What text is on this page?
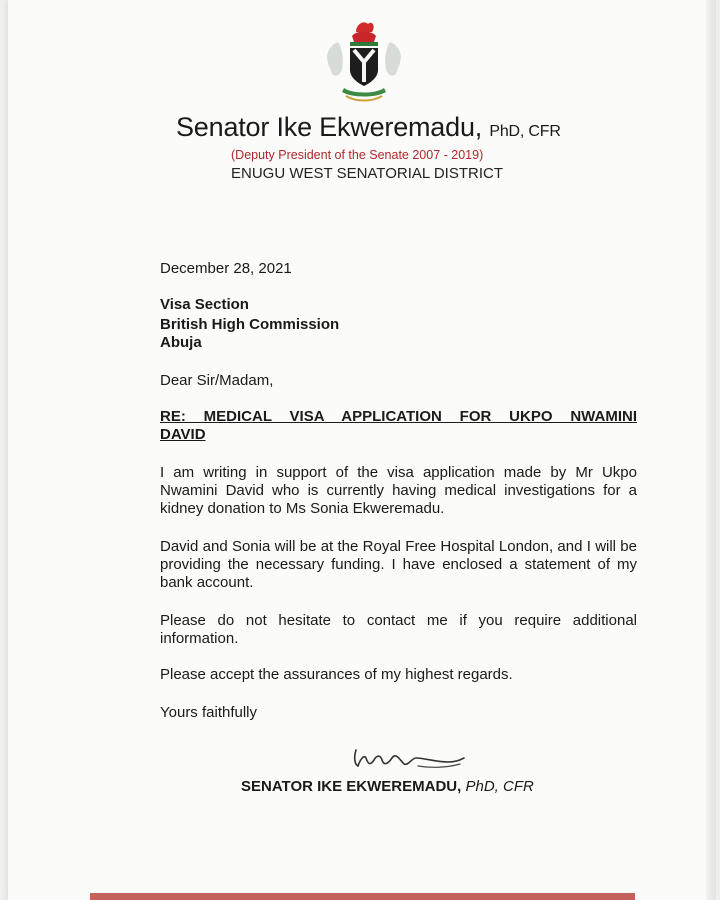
Senator Ike Ekweremadu, PhD, CFR
(Deputy President of the Senate 2007 - 2019)
ENUGU WEST SENATORIAL DISTRICT
December 28, 2021
Visa Section
British High Commission
Abuja
Dear Sir/Madam,
RE: MEDICAL VISA APPLICATION FOR UKPO NWAMINI
DAVID
I am writing in support of the visa application made by Mr Ukpo Nwamini David who is currently having medical investigations for a kidney donation to Ms Sonia Ekweremadu.
David and Sonia will be at the Royal Free Hospital London, and I will be providing the necessary funding. I have enclosed a statement of my bank account.
Please do not hesitate to contact me if you require additional information.
Please accept the assurances of my highest regards.
Yours faithfully
SENATOR IKE EKWEREMADU, PhD, CFR
